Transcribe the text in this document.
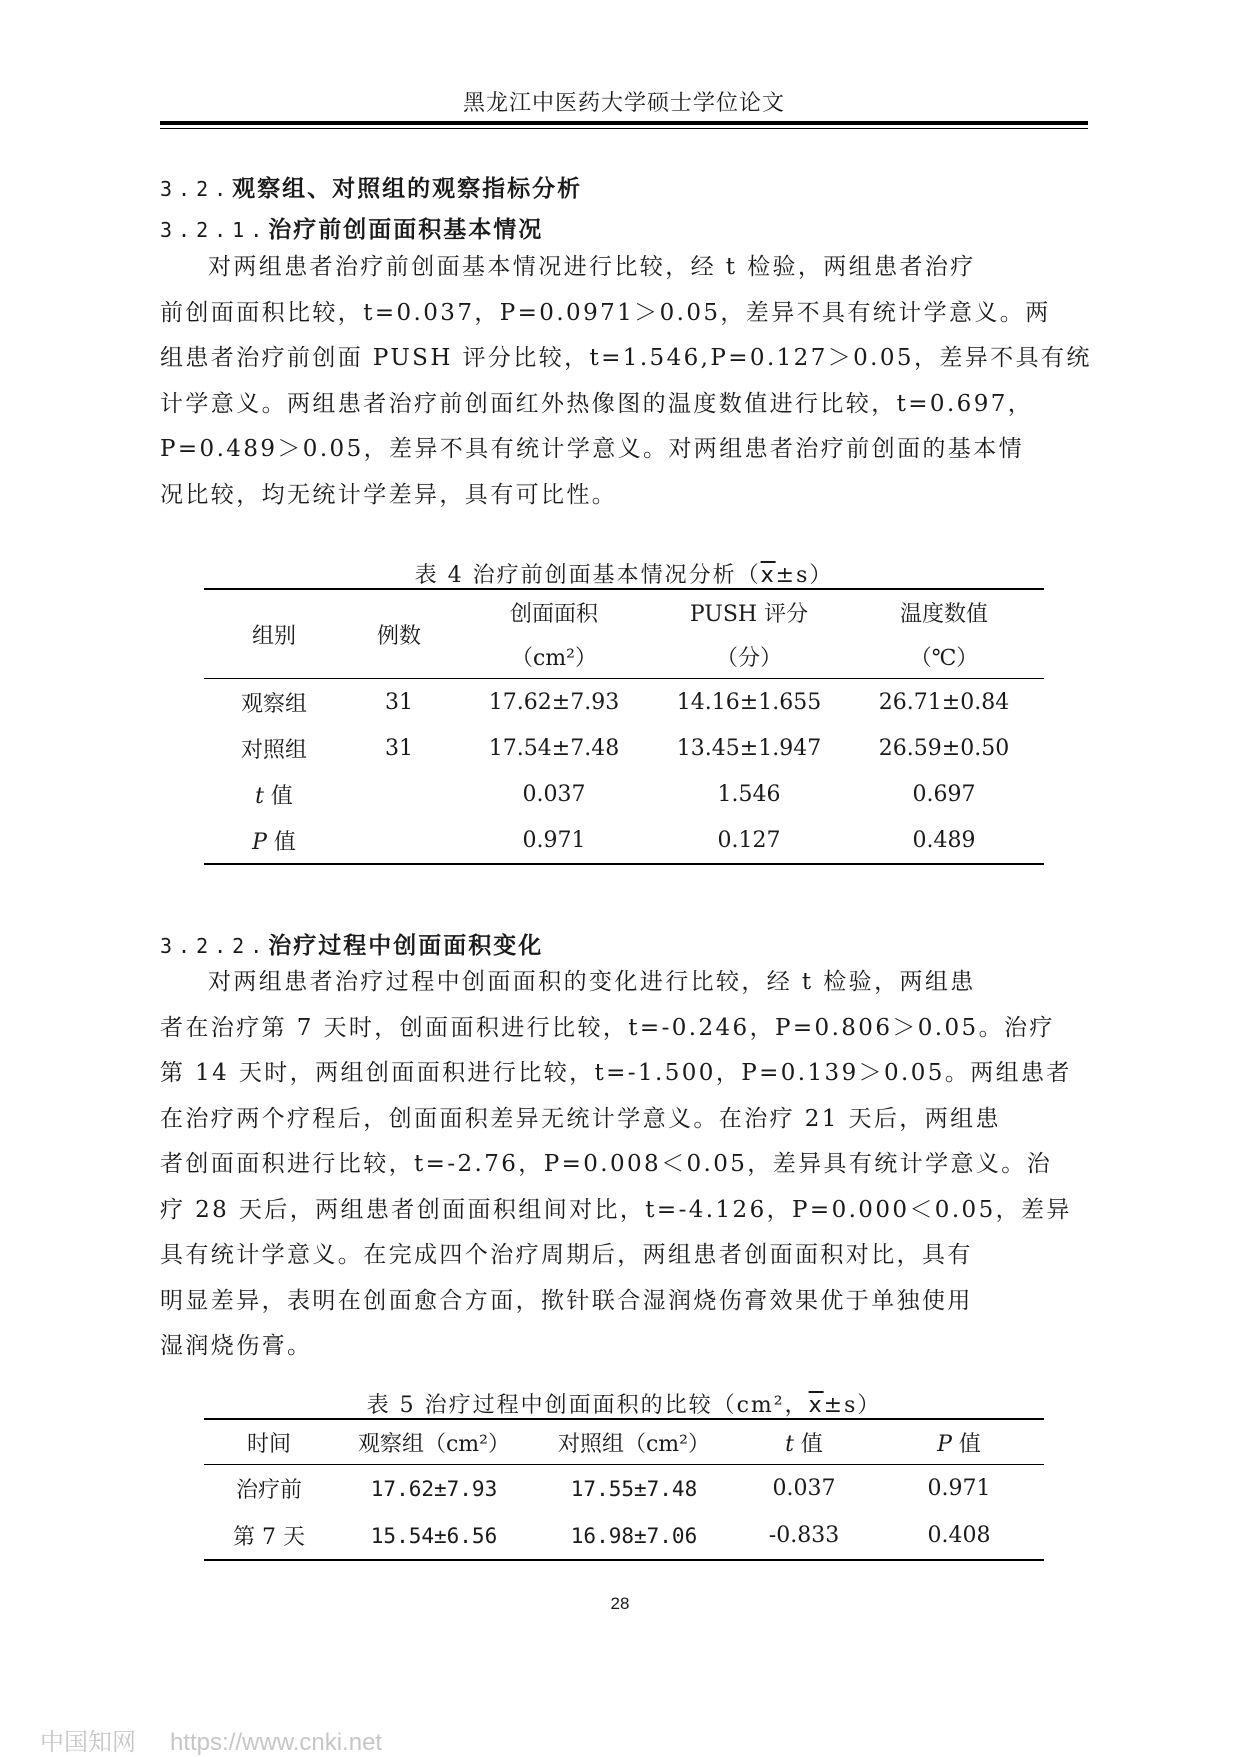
黑龙江中医药大学硕士学位论文
3.2.观察组、对照组的观察指标分析
3.2.1.治疗前创面面积基本情况

对两组患者治疗前创面基本情况进行比较，经 t 检验，两组患者治疗
前创面面积比较，t=0.037，P=0.0971＞0.05，差异不具有统计学意义。两
组患者治疗前创面 PUSH 评分比较，t=1.546,P=0.127＞0.05，差异不具有统
计学意义。两组患者治疗前创面红外热像图的温度数值进行比较，t=0.697，
P=0.489＞0.05，差异不具有统计学意义。对两组患者治疗前创面的基本情
况比较，均无统计学差异，具有可比性。

表 4 治疗前创面基本情况分析$(\overline{x}\pm s)$
组别	例数	创面面积	PUSH 评分	温度数值
		（cm²）	（分）	（℃）
观察组	31	17.62±7.93	14.16±1.655	26.71±0.84
对照组	31	17.54±7.48	13.45±1.947	26.59±0.50
t 值		0.037	1.546	0.697
P 值		0.971	0.127	0.489
3.2.2.治疗过程中创面面积变化

对两组患者治疗过程中创面面积的变化进行比较，经 t 检验，两组患
者在治疗第 7 天时，创面面积进行比较，t=-0.246，P=0.806＞0.05。治疗
第 14 天时，两组创面面积进行比较，t=-1.500，P=0.139＞0.05。两组患者
在治疗两个疗程后，创面面积差异无统计学意义。在治疗 21 天后，两组患
者创面面积进行比较，t=-2.76，P=0.008＜0.05，差异具有统计学意义。治
疗 28 天后，两组患者创面面积组间对比，t=-4.126，P=0.000＜0.05，差异
具有统计学意义。在完成四个治疗周期后，两组患者创面面积对比，具有
明显差异，表明在创面愈合方面，揿针联合湿润烧伤膏效果优于单独使用
湿润烧伤膏。

表 5 治疗过程中创面面积的比较（cm²，$\overline{x}\pm s$）
时间	观察组（cm²）	对照组（cm²）	t 值	P 值
治疗前	17.62±7.93	17.55±7.48	0.037	0.971
第 7 天	15.54±6.56	16.98±7.06	-0.833	0.408
28
中国知网 https://www.cnki.net
